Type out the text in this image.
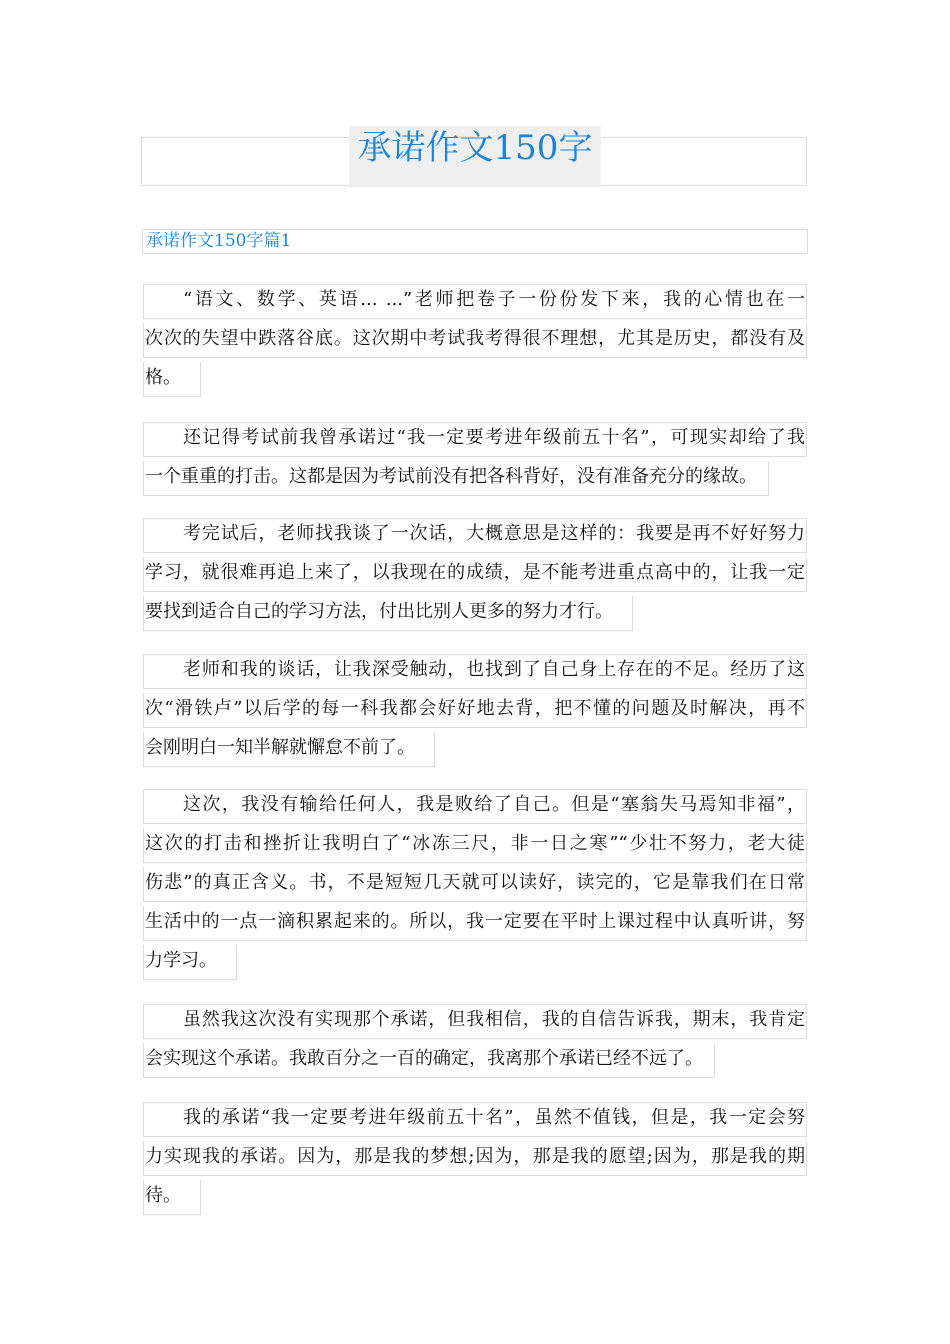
承诺作文150字
承诺作文150字篇1
“语文、数学、英语... ...”老师把卷子一份份发下来，我的心情也在一
次次的失望中跌落谷底。这次期中考试我考得很不理想，尤其是历史，都没有及
格。
还记得考试前我曾承诺过“我一定要考进年级前五十名”，可现实却给了我
一个重重的打击。这都是因为考试前没有把各科背好，没有准备充分的缘故。
考完试后，老师找我谈了一次话，大概意思是这样的：我要是再不好好努力
学习，就很难再追上来了，以我现在的成绩，是不能考进重点高中的，让我一定
要找到适合自己的学习方法，付出比别人更多的努力才行。
老师和我的谈话，让我深受触动，也找到了自己身上存在的不足。经历了这
次“滑铁卢”以后学的每一科我都会好好地去背，把不懂的问题及时解决，再不
会刚明白一知半解就懈怠不前了。
这次，我没有输给任何人，我是败给了自己。但是“塞翁失马焉知非福”，
这次的打击和挫折让我明白了“冰冻三尺，非一日之寒”“少壮不努力，老大徒
伤悲”的真正含义。书，不是短短几天就可以读好，读完的，它是靠我们在日常
生活中的一点一滴积累起来的。所以，我一定要在平时上课过程中认真听讲，努
力学习。
虽然我这次没有实现那个承诺，但我相信，我的自信告诉我，期末，我肯定
会实现这个承诺。我敢百分之一百的确定，我离那个承诺已经不远了。
我的承诺“我一定要考进年级前五十名”，虽然不值钱，但是，我一定会努
力实现我的承诺。因为，那是我的梦想;因为，那是我的愿望;因为，那是我的期
待。
